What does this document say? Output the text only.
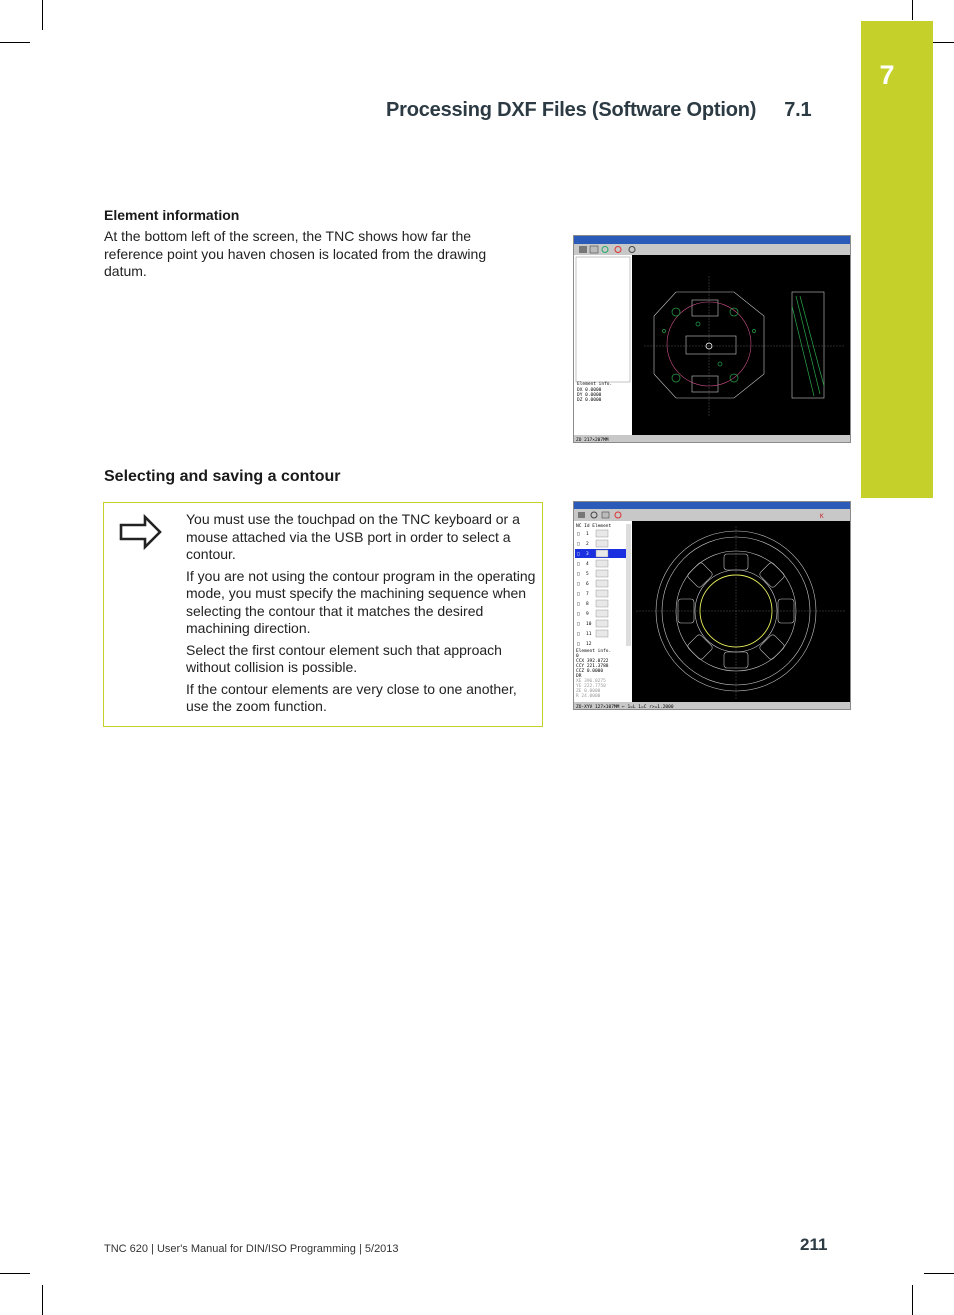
7
Processing DXF Files (Software Option) 7.1
Element information
At the bottom left of the screen, the TNC shows how far the reference point you haven chosen is located from the drawing datum.
Element info.
DX 0.0000
DY 0.0000
DZ 0.0000
ZO 217×207MM
Selecting and saving a contour

You must use the touchpad on the TNC keyboard or a mouse attached via the USB port in order to select a contour.

If you are not using the contour program in the operating mode, you must specify the machining sequence when selecting the contour that it matches the desired machining direction.

Select the first contour element such that approach without collision is possible.

If the contour elements are very close to one another, use the zoom function.

K
NC Id Element
□ 1
□ 2
□ 3
□ 4
□ 5
□ 6
□ 7
□ 8
□ 9
□ 10
□ 11
□ 12
Element info.
0
CCX 392.0722
CCY 221.3788
CCZ 0.0000
DR
XE 396.0275
YE 222.7750
ZE 0.0000
R 24.0000
ZO-XYV 127×107MM ← 1=L 1=C r>=1.2000
TNC 620 | User's Manual for DIN/ISO Programming | 5/2013	211
